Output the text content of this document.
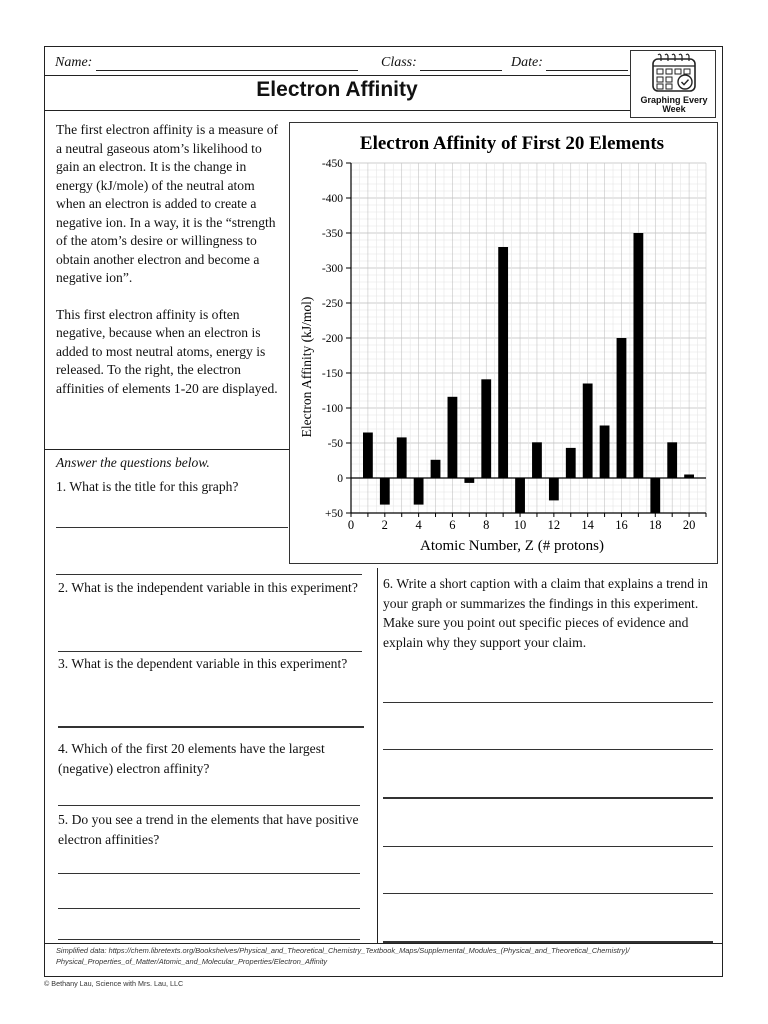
Name:	Class:	Date:
Electron Affinity	Graphing Every
Week

The first electron affinity is a measure of a neutral gaseous atom’s likelihood to gain an electron. It is the change in energy (kJ/mole) of the neutral atom when an electron is added to create a negative ion. In a way, it is the “strength of the atom’s desire or willingness to obtain another electron and become a negative ion”.

This first electron affinity is often negative, because when an electron is added to most neutral atoms, energy is released. To the right, the electron affinities of elements 1-20 are displayed.

Answer the questions below.
1. What is the title for this graph?
2. What is the independent variable in this experiment?
3. What is the dependent variable in this experiment?
4. Which of the first 20 elements have the largest (negative) electron affinity?
5. Do you see a trend in the elements that have positive electron affinities?
6. Write a short caption with a claim that explains a trend in your graph or summarizes the findings in this experiment. Make sure you point out specific pieces of evidence and explain why they support your claim.
Simplified data: https://chem.libretexts.org/Bookshelves/Physical_and_Theoretical_Chemistry_Textbook_Maps/Supplemental_Modules_(Physical_and_Theoretical_Chemistry)/
Physical_Properties_of_Matter/Atomic_and_Molecular_Properties/Electron_Affinity
© Bethany Lau, Science with Mrs. Lau, LLC
Electron Affinity of First 20 Elements
-450
-400
-350
-300
-250
-200
-150
-100
-50
0
+50
0 2 4 6 8 10 12 14 16 18 20
Atomic Number, Z (# protons)
Electron Affinity (kJ/mol)
